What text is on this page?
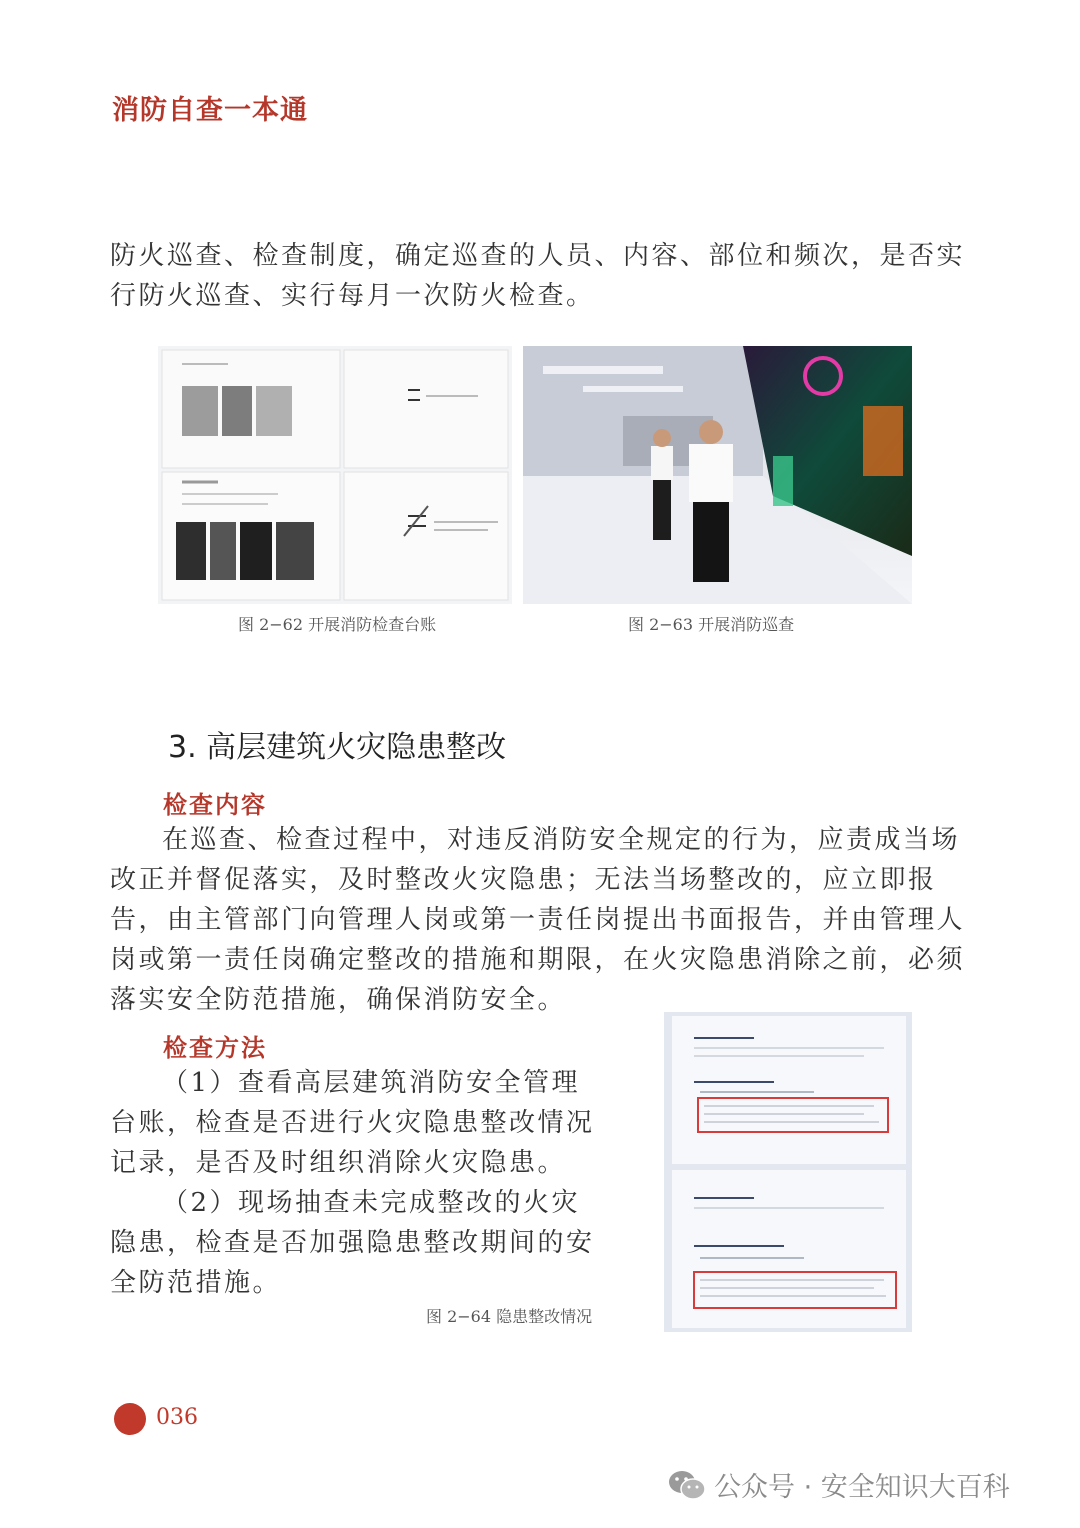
消防自查一本通

防火巡查、检查制度，确定巡查的人员、内容、部位和频次，是否实行防火巡查、实行每月一次防火检查。

图 2−62 开展消防检查台账	图 2−63 开展消防巡查
3. 高层建筑火灾隐患整改
检查内容

在巡查、检查过程中，对违反消防安全规定的行为，应责成当场改正并督促落实，及时整改火灾隐患；无法当场整改的，应立即报告，由主管部门向管理人岗或第一责任岗提出书面报告，并由管理人岗或第一责任岗确定整改的措施和期限，在火灾隐患消除之前，必须落实安全防范措施，确保消防安全。

检查方法

（1）查看高层建筑消防安全管理台账，检查是否进行火灾隐患整改情况记录，是否及时组织消除火灾隐患。

（2）现场抽查未完成整改的火灾隐患，检查是否加强隐患整改期间的安全防范措施。

图 2−64 隐患整改情况
036
公众号 · 安全知识大百科
